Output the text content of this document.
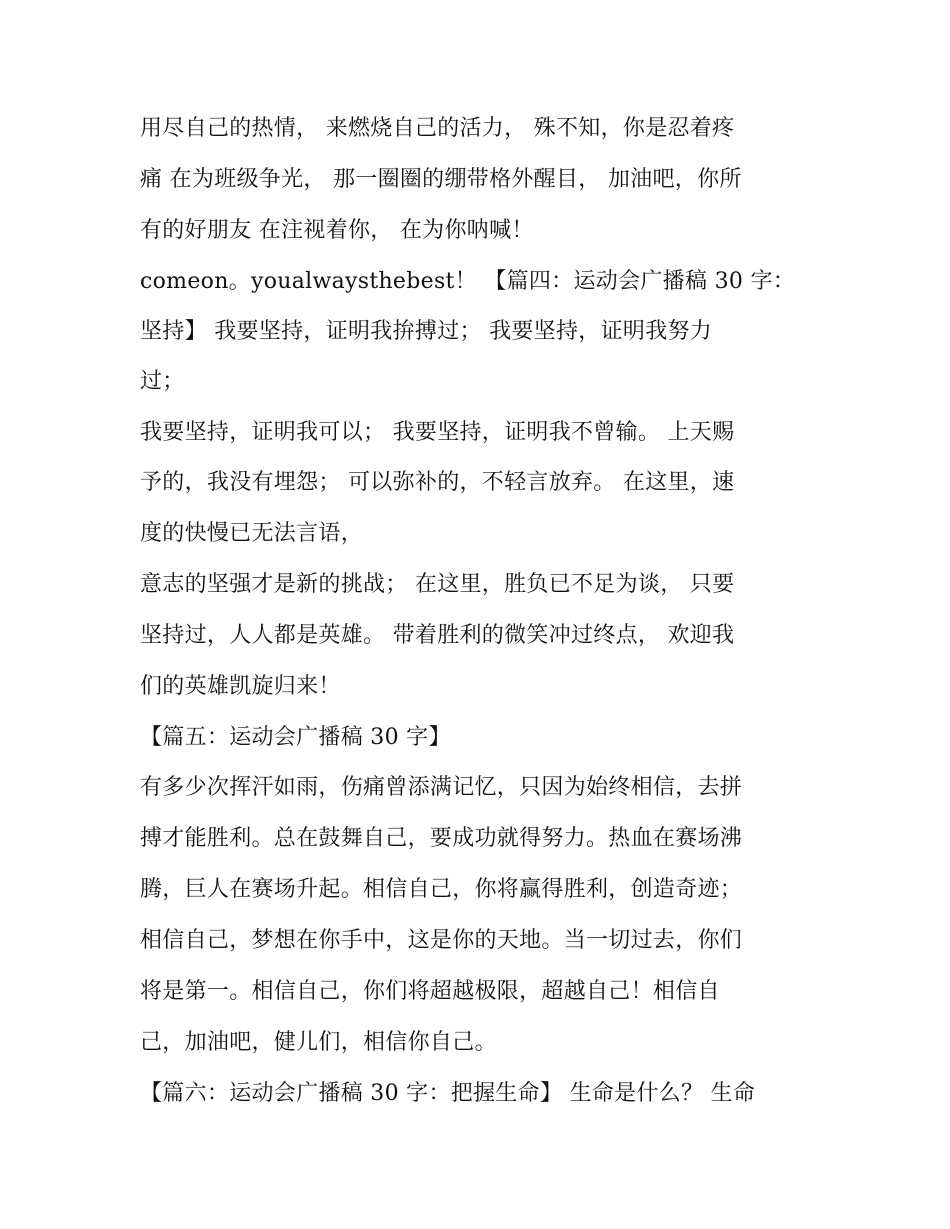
用尽自己的热情， 来燃烧自己的活力， 殊不知，你是忍着疼
痛 在为班级争光， 那一圈圈的绷带格外醒目， 加油吧，你所
有的好朋友 在注视着你， 在为你呐喊！
comeon。youalwaysthebest！ 【篇四：运动会广播稿 30 字：
坚持】 我要坚持，证明我拚搏过； 我要坚持，证明我努力
过；
我要坚持，证明我可以； 我要坚持，证明我不曾输。 上天赐
予的，我没有埋怨； 可以弥补的，不轻言放弃。 在这里，速
度的快慢已无法言语，
意志的坚强才是新的挑战； 在这里，胜负已不足为谈， 只要
坚持过，人人都是英雄。 带着胜利的微笑冲过终点， 欢迎我
们的英雄凯旋归来！
【篇五：运动会广播稿 30 字】
有多少次挥汗如雨，伤痛曾添满记忆，只因为始终相信，去拼
搏才能胜利。总在鼓舞自己，要成功就得努力。热血在赛场沸
腾，巨人在赛场升起。相信自己，你将赢得胜利，创造奇迹；
相信自己，梦想在你手中，这是你的天地。当一切过去，你们
将是第一。相信自己，你们将超越极限，超越自己！相信自
己，加油吧，健儿们，相信你自己。
【篇六：运动会广播稿 30 字：把握生命】 生命是什么？ 生命
